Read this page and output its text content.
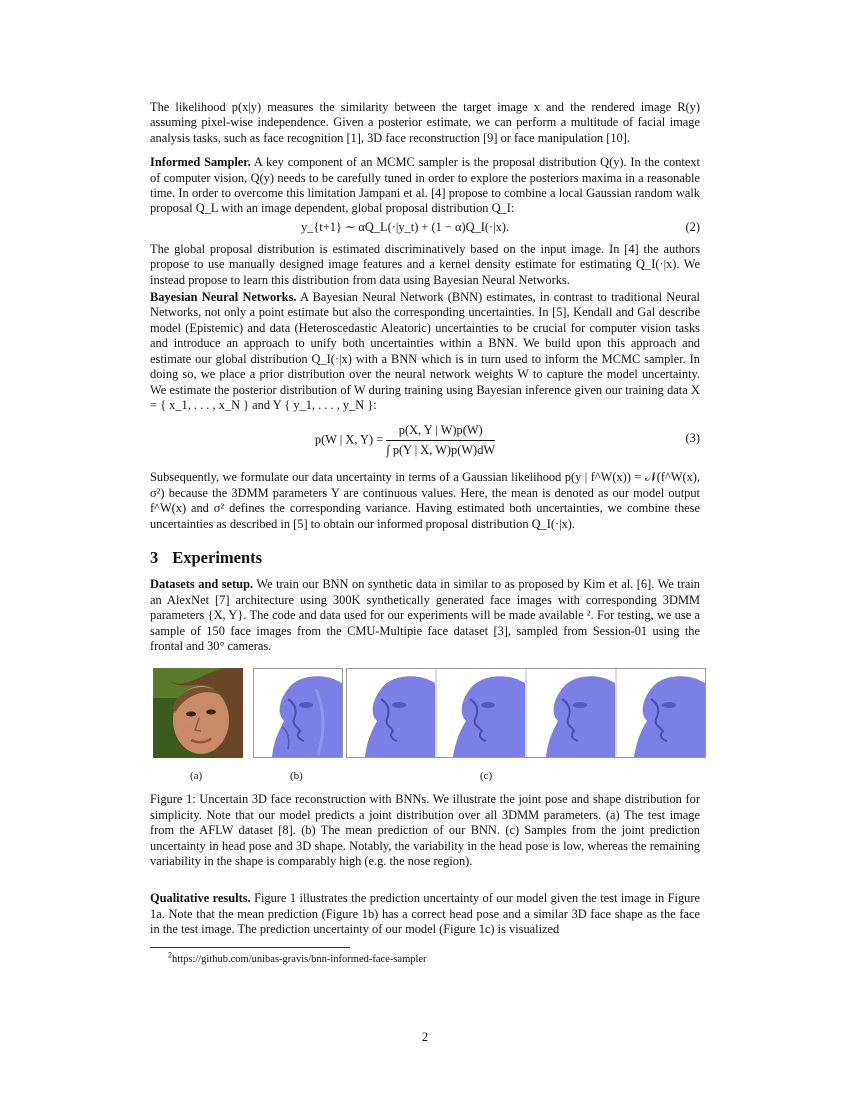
The likelihood p(x|y) measures the similarity between the target image x and the rendered image R(y) assuming pixel-wise independence. Given a posterior estimate, we can perform a multitude of facial image analysis tasks, such as face recognition [1], 3D face reconstruction [9] or face manipulation [10].

Informed Sampler. A key component of an MCMC sampler is the proposal distribution Q(y). In the context of computer vision, Q(y) needs to be carefully tuned in order to explore the posteriors maxima in a reasonable time. In order to overcome this limitation Jampani et al. [4] propose to combine a local Gaussian random walk proposal Q_L with an image dependent, global proposal distribution Q_I:

y_{t+1} ∼ αQ_L(·|y_t) + (1 − α)Q_I(·|x).	(2)

The global proposal distribution is estimated discriminatively based on the input image. In [4] the authors propose to use manually designed image features and a kernel density estimate for estimating Q_I(·|x). We instead propose to learn this distribution from data using Bayesian Neural Networks.

Bayesian Neural Networks. A Bayesian Neural Network (BNN) estimates, in contrast to traditional Neural Networks, not only a point estimate but also the corresponding uncertainties. In [5], Kendall and Gal describe model (Epistemic) and data (Heteroscedastic Aleatoric) uncertainties to be crucial for computer vision tasks and introduce an approach to unify both uncertainties within a BNN. We build upon this approach and estimate our global distribution Q_I(·|x) with a BNN which is in turn used to inform the MCMC sampler. In doing so, we place a prior distribution over the neural network weights W to capture the model uncertainty. We estimate the posterior distribution of W during training using Bayesian inference given our training data X = { x_1, . . . , x_N } and Y { y_1, . . . , y_N }:

p(W | X, $Y) = \frac{p(X, Y | W)p(W)}{\int p(Y | X, W)p(W)dW}$	(3)

Subsequently, we formulate our data uncertainty in terms of a Gaussian likelihood p(y | f^W(x)) = 𝒩(f^W(x), σ²) because the 3DMM parameters Y are continuous values. Here, the mean is denoted as our model output f^W(x) and σ² defines the corresponding variance. Having estimated both uncertainties, we combine these uncertainties as described in [5] to obtain our informed proposal distribution Q_I(·|x).

3 Experiments

Datasets and setup. We train our BNN on synthetic data in similar to as proposed by Kim et al. [6]. We train an AlexNet [7] architecture using 300K synthetically generated face images with corresponding 3DMM parameters {X, Y}. The code and data used for our experiments will be made available ². For testing, we use a sample of 150 face images from the CMU-Multipie face dataset [3], sampled from Session-01 using the frontal and 30° cameras.

(a)	(b)	(c)

Figure 1: Uncertain 3D face reconstruction with BNNs. We illustrate the joint pose and shape distribution for simplicity. Note that our model predicts a joint distribution over all 3DMM parameters. (a) The test image from the AFLW dataset [8]. (b) The mean prediction of our BNN. (c) Samples from the joint prediction uncertainty in head pose and 3D shape. Notably, the variability in the head pose is low, whereas the remaining variability in the shape is comparably high (e.g. the nose region).

Qualitative results. Figure 1 illustrates the prediction uncertainty of our model given the test image in Figure 1a. Note that the mean prediction (Figure 1b) has a correct head pose and a similar 3D face shape as the face in the test image. The prediction uncertainty of our model (Figure 1c) is visualized

$^2$https://github.com/unibas-gravis/bnn-informed-face-sampler
2
